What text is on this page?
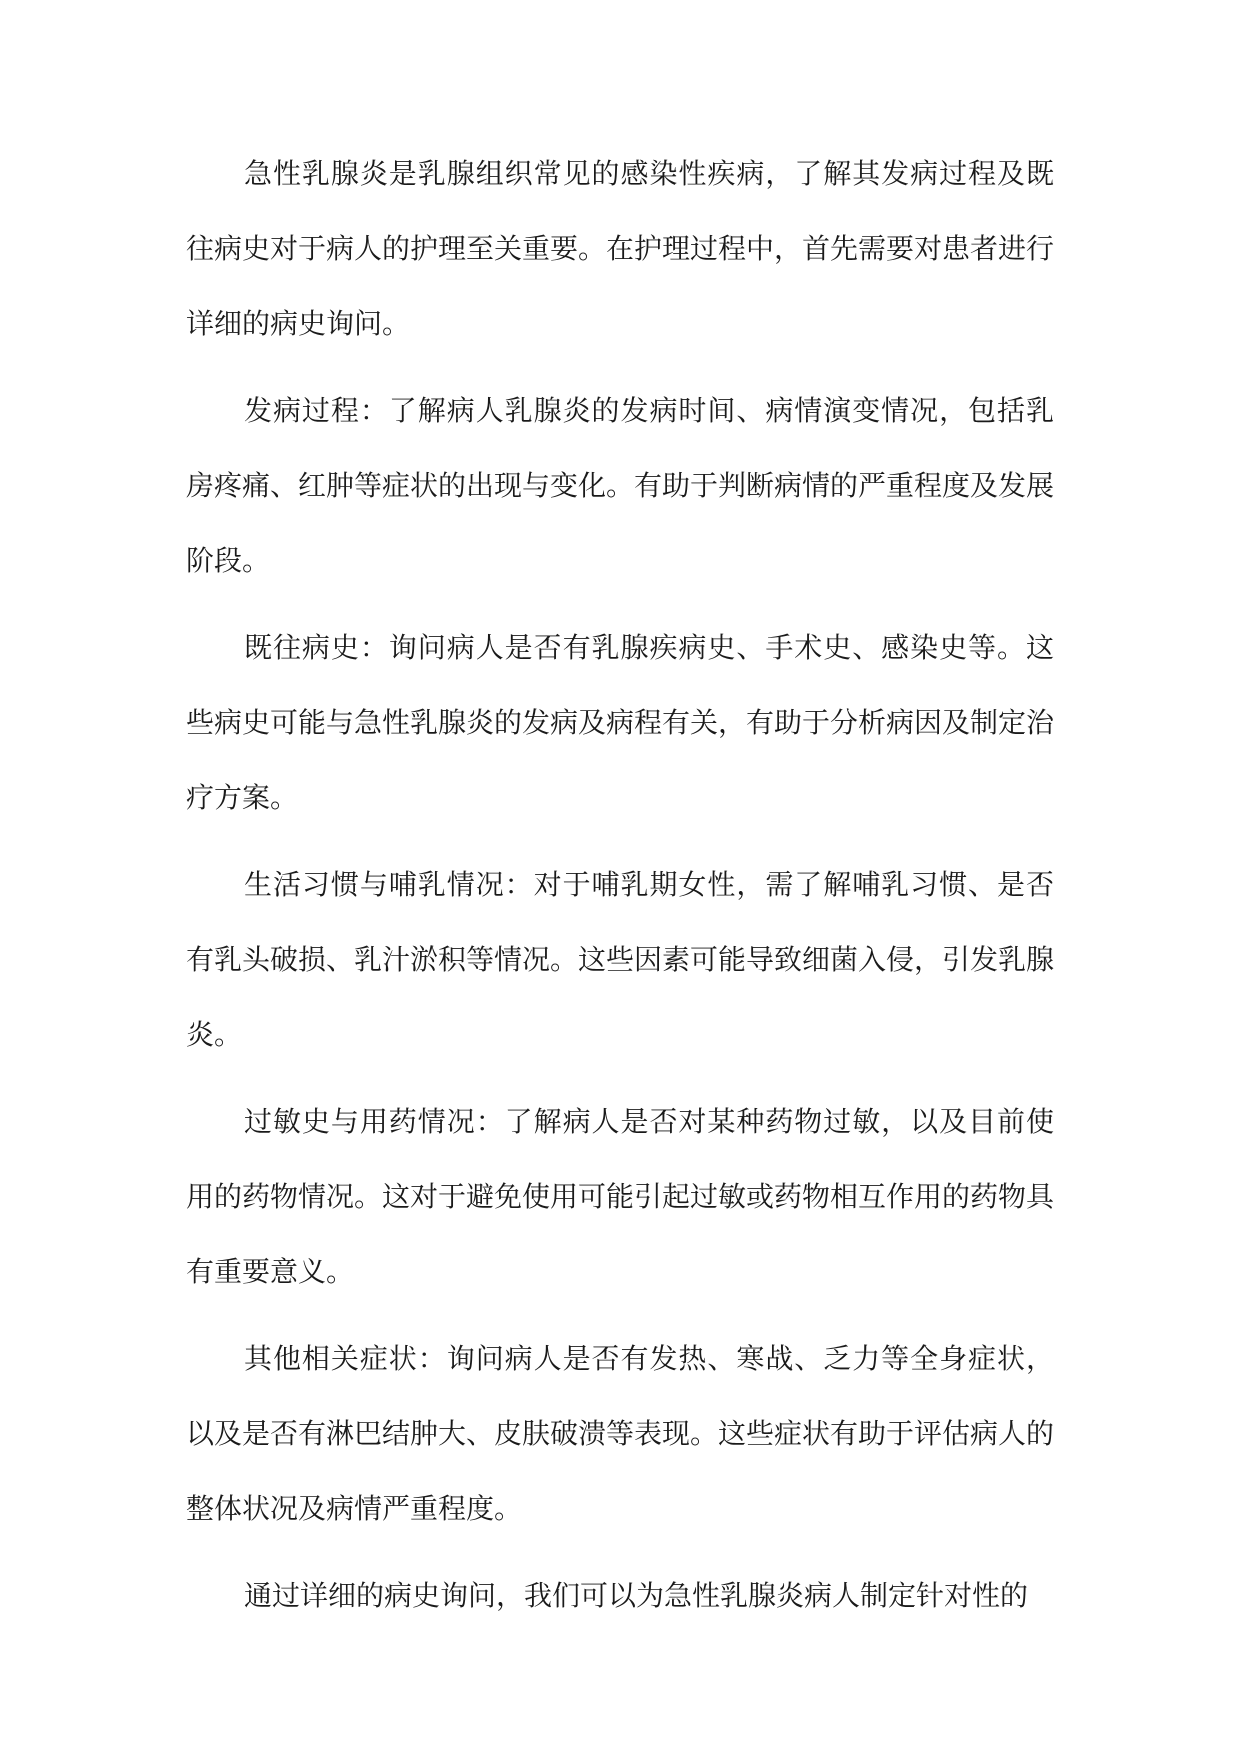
急性乳腺炎是乳腺组织常见的感染性疾病，了解其发病过程及既往病史对于病人的护理至关重要。在护理过程中，首先需要对患者进行详细的病史询问。

发病过程：了解病人乳腺炎的发病时间、病情演变情况，包括乳房疼痛、红肿等症状的出现与变化。有助于判断病情的严重程度及发展阶段。

既往病史：询问病人是否有乳腺疾病史、手术史、感染史等。这些病史可能与急性乳腺炎的发病及病程有关，有助于分析病因及制定治疗方案。

生活习惯与哺乳情况：对于哺乳期女性，需了解哺乳习惯、是否有乳头破损、乳汁淤积等情况。这些因素可能导致细菌入侵，引发乳腺炎。

过敏史与用药情况：了解病人是否对某种药物过敏，以及目前使用的药物情况。这对于避免使用可能引起过敏或药物相互作用的药物具有重要意义。

其他相关症状：询问病人是否有发热、寒战、乏力等全身症状，以及是否有淋巴结肿大、皮肤破溃等表现。这些症状有助于评估病人的整体状况及病情严重程度。

通过详细的病史询问，我们可以为急性乳腺炎病人制定针对性的
